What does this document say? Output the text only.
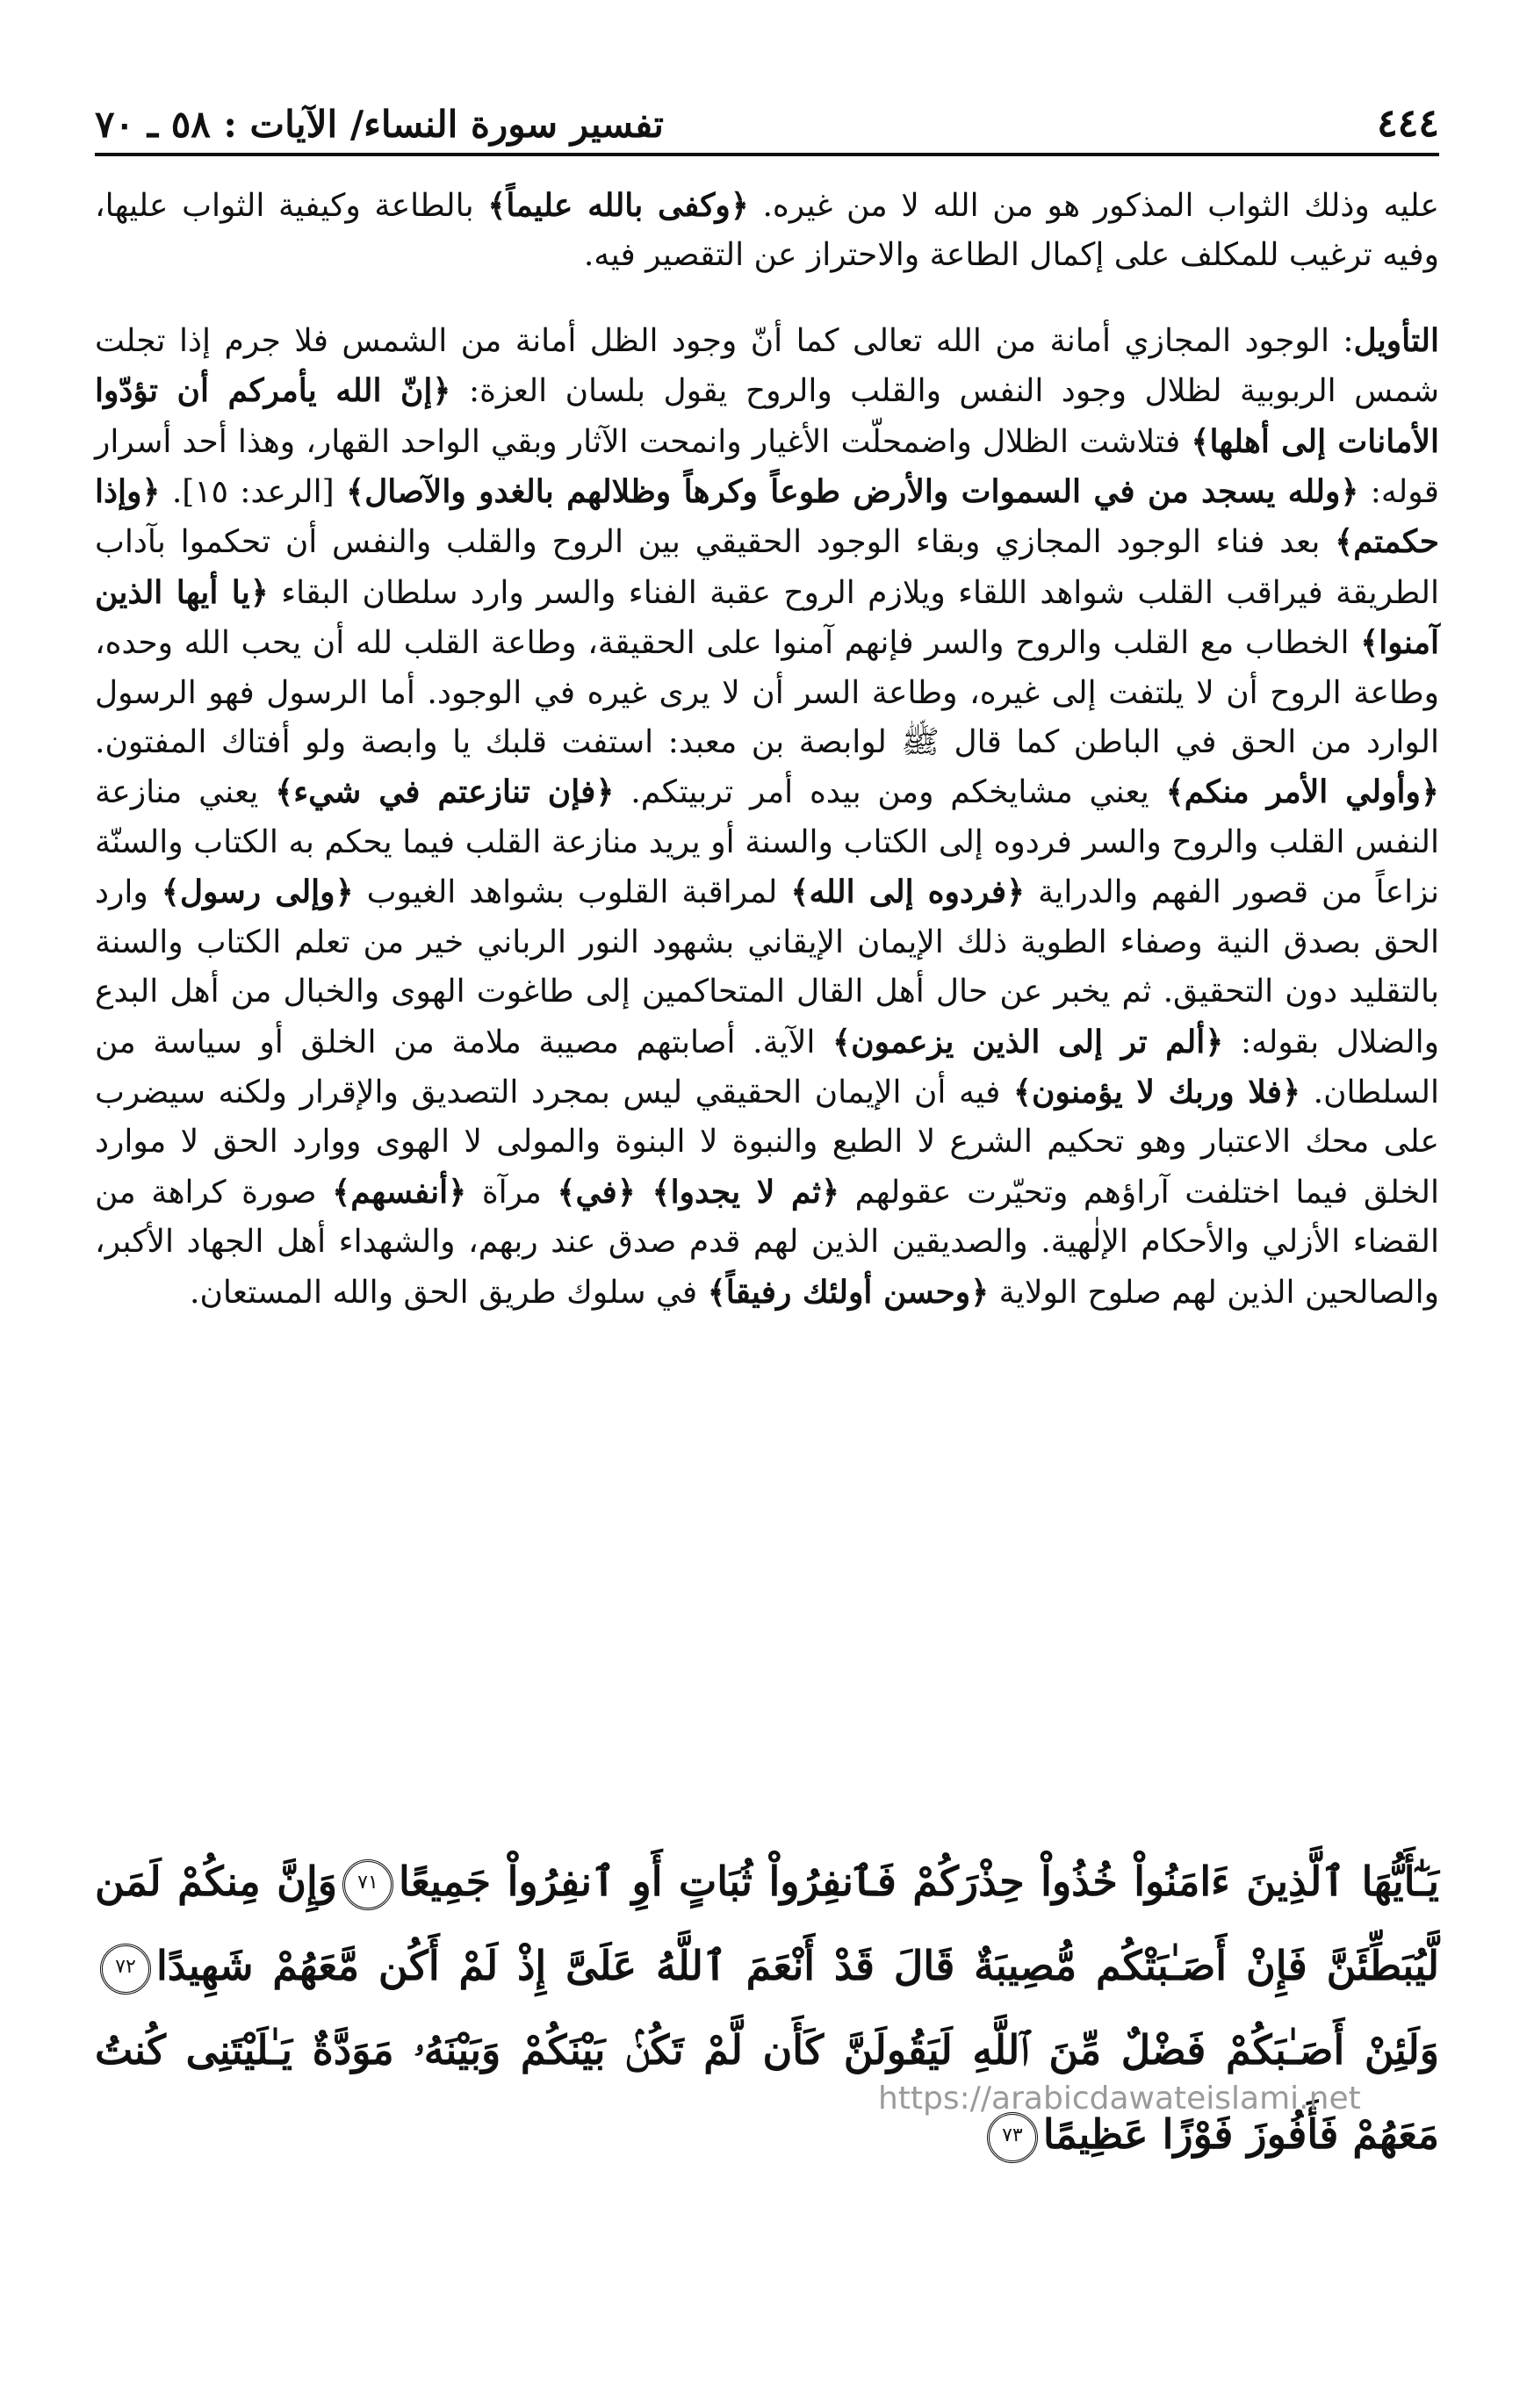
٤٤٤
تفسير سورة النساء/ الآيات : ٥٨ ـ ٧٠

عليه وذلك الثواب المذكور هو من الله لا من غيره. ﴿وكفى بالله عليماً﴾ بالطاعة وكيفية الثواب عليها، وفيه ترغيب للمكلف على إكمال الطاعة والاحتراز عن التقصير فيه.

التأويل: الوجود المجازي أمانة من الله تعالى كما أنّ وجود الظل أمانة من الشمس فلا جرم إذا تجلت شمس الربوبية لظلال وجود النفس والقلب والروح يقول بلسان العزة: ﴿إنّ الله يأمركم أن تؤدّوا الأمانات إلى أهلها﴾ فتلاشت الظلال واضمحلّت الأغيار وانمحت الآثار وبقي الواحد القهار، وهذا أحد أسرار قوله: ﴿ولله يسجد من في السموات والأرض طوعاً وكرهاً وظلالهم بالغدو والآصال﴾ [الرعد: ١٥]. ﴿وإذا حكمتم﴾ بعد فناء الوجود المجازي وبقاء الوجود الحقيقي بين الروح والقلب والنفس أن تحكموا بآداب الطريقة فيراقب القلب شواهد اللقاء ويلازم الروح عقبة الفناء والسر وارد سلطان البقاء ﴿يا أيها الذين آمنوا﴾ الخطاب مع القلب والروح والسر فإنهم آمنوا على الحقيقة، وطاعة القلب لله أن يحب الله وحده، وطاعة الروح أن لا يلتفت إلى غيره، وطاعة السر أن لا يرى غيره في الوجود. أما الرسول فهو الرسول الوارد من الحق في الباطن كما قال ﷺ لوابصة بن معبد: استفت قلبك يا وابصة ولو أفتاك المفتون. ﴿وأولي الأمر منكم﴾ يعني مشايخكم ومن بيده أمر تربيتكم. ﴿فإن تنازعتم في شيء﴾ يعني منازعة النفس القلب والروح والسر فردوه إلى الكتاب والسنة أو يريد منازعة القلب فيما يحكم به الكتاب والسنّة نزاعاً من قصور الفهم والدراية ﴿فردوه إلى الله﴾ لمراقبة القلوب بشواهد الغيوب ﴿وإلى رسول﴾ وارد الحق بصدق النية وصفاء الطوية ذلك الإيمان الإيقاني بشهود النور الرباني خير من تعلم الكتاب والسنة بالتقليد دون التحقيق. ثم يخبر عن حال أهل القال المتحاكمين إلى طاغوت الهوى والخبال من أهل البدع والضلال بقوله: ﴿ألم تر إلى الذين يزعمون﴾ الآية. أصابتهم مصيبة ملامة من الخلق أو سياسة من السلطان. ﴿فلا وربك لا يؤمنون﴾ فيه أن الإيمان الحقيقي ليس بمجرد التصديق والإقرار ولكنه سيضرب على محك الاعتبار وهو تحكيم الشرع لا الطبع والنبوة لا البنوة والمولى لا الهوى ووارد الحق لا موارد الخلق فيما اختلفت آراؤهم وتحيّرت عقولهم ﴿ثم لا يجدوا﴾ ﴿في﴾ مرآة ﴿أنفسهم﴾ صورة كراهة من القضاء الأزلي والأحكام الإلٰهية. والصديقين الذين لهم قدم صدق عند ربهم، والشهداء أهل الجهاد الأكبر، والصالحين الذين لهم صلوح الولاية ﴿وحسن أولئك رفيقاً﴾ في سلوك طريق الحق والله المستعان.

يَـٰٓأَيُّهَا ٱلَّذِينَ ءَامَنُواْ خُذُواْ حِذْرَكُمْ فَٱنفِرُواْ ثُبَاتٍ أَوِ ٱنفِرُواْ جَمِيعًا٧١وَإِنَّ مِنكُمْ لَمَن لَّيُبَطِّئَنَّ فَإِنْ أَصَـٰبَتْكُم مُّصِيبَةٌ قَالَ قَدْ أَنْعَمَ ٱللَّهُ عَلَىَّ إِذْ لَمْ أَكُن مَّعَهُمْ شَهِيدًا٧٢وَلَئِنْ أَصَـٰبَكُمْ فَضْلٌ مِّنَ ٱللَّهِ لَيَقُولَنَّ كَأَن لَّمْ تَكُنۢ بَيْنَكُمْ وَبَيْنَهُۥ مَوَدَّةٌ يَـٰلَيْتَنِى كُنتُ مَعَهُمْ فَأَفُوزَ فَوْزًا عَظِيمًا٧٣

https://arabicdawateislami.net
